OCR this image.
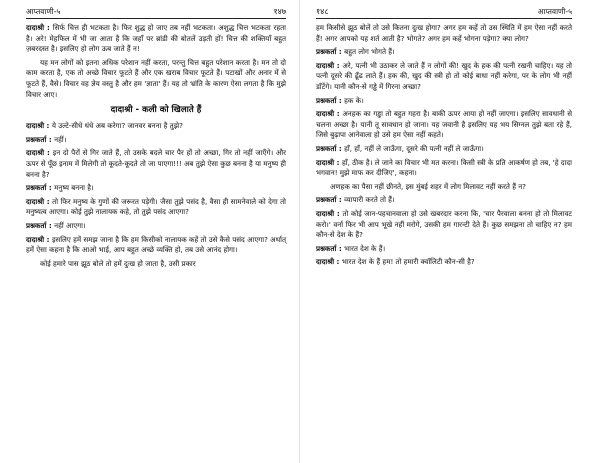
आप्तवाणी-५	१४७

दादाश्री : सिर्फ चित्त ही भटकता है। फिर शुद्ध हो जाए तब नहीं भटकता। अशुद्ध चित्त भटकता रहता है। अरे! मेहफिल में भी जा आता है कि जहाँ पर ब्रांडी की बोतलें उड़ती हों! चित्त की शक्तियाँ बहुत ज़बरदस्त है। इसलिए हो लोग ऊब जाते हैं न!

यह मन लोगों को इतना अधिक परेशान नहीं करता, परन्तु चित्त बहुत परेशान करता है। मन तो दो काम करता है, एक तो अच्छे विचार फूटते हैं और एक खराब विचार फूटते हैं। पटाखों और अनार में से फूटते हैं, वैसे। विचार वह ज्ञेय वस्तु है और हम 'ज्ञाता' हैं। यह तो भ्रांति के कारण ऐसा लगता है कि मुझे विचार आए।

दादाश्री - कली को खिलाते हैं

दादाश्री : ये उल्टे-सीधे धंधे अब करेगा? जानवर बनना है तुझे?

प्रश्नकर्ता : नहीं।

दादाश्री : इन दो पैरों से गिर जाते हैं, तो उसके बदले चार पैर हों तो अच्छा, गिर तो नहीं जाएँगे। और ऊपर से पूँछ इनाम में मिलेगी तो कूदते-कूदते तो जा पाएगा!!! अब तुझे ऐसा कुछ बनना है या मनुष्य ही बनना है?

प्रश्नकर्ता : मनुष्य बनना है।

दादाश्री : तो फिर मनुष्य के गुणों की जरूरत पड़ेगी। जैसा तुझे पसंद है, वैसा ही सामनेवाले को देगा तो मनुष्यत्व आएगा। कोई तुझे नालायक कहे, तो तुझे पसंद आएगा?

प्रश्नकर्ता : नहीं आएगा।

दादाश्री : इसलिए हमें समझ जाना है कि हम किसीको नालायक कहें तो उसे कैसे पसंद आएगा? अर्थात् हमें ऐसा कहना है कि आओ भाई, आप बहुत अच्छे व्यक्ति हो, तब उसे आनंद होगा।

कोई हमारे पास झूठ बोले तो हमें दुःख हो जाता है, उसी प्रकार

१४८	आप्तवाणी-५

हम किसीसे झूठ बोलें तो उसे कितना दुःख होगा? अगर हम कहें तो उस स्थिति में हम ऐसा नहीं करते हैं! अगर आपको यह शर्त आती है? भोगते? अगर हम कहें भोगना पड़ेगा? क्या लोग?

प्रश्नकर्ता : बहुत लोग भोगते हैं।

दादाश्री : अरे, पत्नी भी उठाकर ले जाते हैं न लोगों की! खुद के हक की पत्नी रखनी चाहिए। यह तो पत्नी दूसरे की ढूँढ लाते हैं। हक की, खुद की स्त्री हो तो कोई बाधा नहीं करेगा, पर के लोग भी नहीं डाँटेंगे। यानी कौन-से गड्ढे में गिरना अच्छा?

प्रश्नकर्ता : हक के।

दादाश्री : अनहक का गड्ढा तो बहुत गहरा है। बाकी ऊपर आया हो नहीं जाएगा। इसलिए सावधानी से चलना अच्छा है। यानी तू सावधान हो जाना। यह जवानी है इसलिए यह भय सिग्नल तुझे बता रहे हैं, जिसे बुढ़ापा आनेवाला हो उसे हम ऐसा नहीं कहते।

प्रश्नकर्ता : हाँ, हाँ, नहीं ले जाऊँगा, दूसरे की पत्नी नहीं ले जाऊँगा।

दादाश्री : हाँ, ठीक है। ले जाने का विचार भी मत करना। किसी स्त्री के प्रति आकर्षण हो तब, 'हे दादा भगवान! मुझे माफ कर दीजिए', कहना।

अणहक का पैसा नहीं छीनते, इस मुंबई शहर में लोग मिलावट नहीं करते हैं न?

प्रश्नकर्ता : व्यापारी करते तो हैं।

दादाश्री : तो कोई जान-पहचानवाला हो उसे खबरदार करना कि, 'चार पैरवाला बनना हो तो मिलावट करो।' वर्ना फिर भी आप भूखे नहीं मरोगे, उसकी हम गारन्टी देते हैं। कुछ समझना तो चाहिए न? हम कौन-से देश के हैं?

प्रश्नकर्ता : भारत देश के हैं।

दादाश्री : भारत देश के हैं हम! तो हमारी क्वॉलिटी कौन-सी है?
